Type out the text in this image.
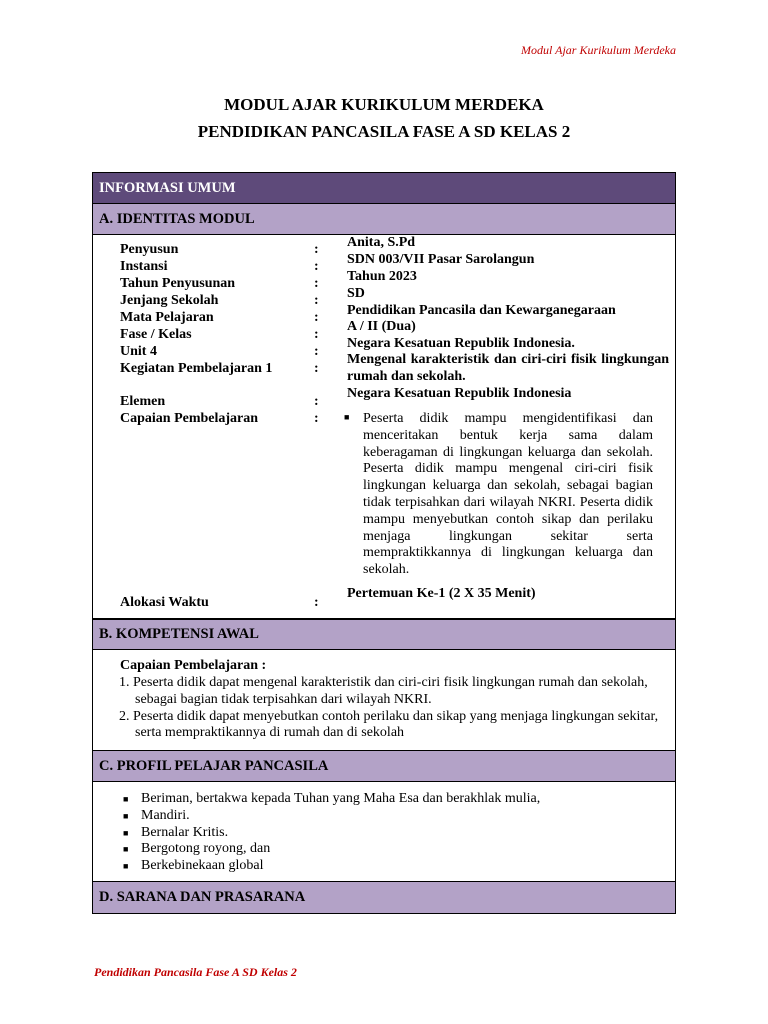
Modul Ajar Kurikulum Merdeka
MODUL AJAR KURIKULUM MERDEKA
PENDIDIKAN PANCASILA FASE A SD KELAS 2
INFORMASI UMUM
A. IDENTITAS MODUL
Penyusun
Instansi
Tahun Penyusunan
Jenjang Sekolah
Mata Pelajaran
Fase / Kelas
Unit 4
Kegiatan Pembelajaran 1
Elemen
Capaian Pembelajaran
Alokasi Waktu
:
:
:
:
:
:
:
:
:
:
:
Anita, S.Pd
SDN 003/VII Pasar Sarolangun
Tahun 2023
SD
Pendidikan Pancasila dan Kewarganegaraan
A / II (Dua)
Negara Kesatuan Republik Indonesia.
Mengenal karakteristik dan ciri-ciri fisik lingkungan rumah dan sekolah.
Negara Kesatuan Republik Indonesia
■ Peserta didik mampu mengidentifikasi dan menceritakan bentuk kerja sama dalam keberagaman di lingkungan keluarga dan sekolah. Peserta didik mampu mengenal ciri-ciri fisik lingkungan keluarga dan sekolah, sebagai bagian tidak terpisahkan dari wilayah NKRI. Peserta didik mampu menyebutkan contoh sikap dan perilaku menjaga lingkungan sekitar serta mempraktikkannya di lingkungan keluarga dan sekolah.
Pertemuan Ke-1 (2 X 35 Menit)
B. KOMPETENSI AWAL
Capaian Pembelajaran :
1. Peserta didik dapat mengenal karakteristik dan ciri-ciri fisik lingkungan rumah dan sekolah, sebagai bagian tidak terpisahkan dari wilayah NKRI.
2. Peserta didik dapat menyebutkan contoh perilaku dan sikap yang menjaga lingkungan sekitar, serta mempraktikannya di rumah dan di sekolah
C. PROFIL PELAJAR PANCASILA
■ Beriman, bertakwa kepada Tuhan yang Maha Esa dan berakhlak mulia,
■ Mandiri.
■ Bernalar Kritis.
■ Bergotong royong, dan
■ Berkebinekaan global
D. SARANA DAN PRASARANA
Pendidikan Pancasila Fase A SD Kelas 2
